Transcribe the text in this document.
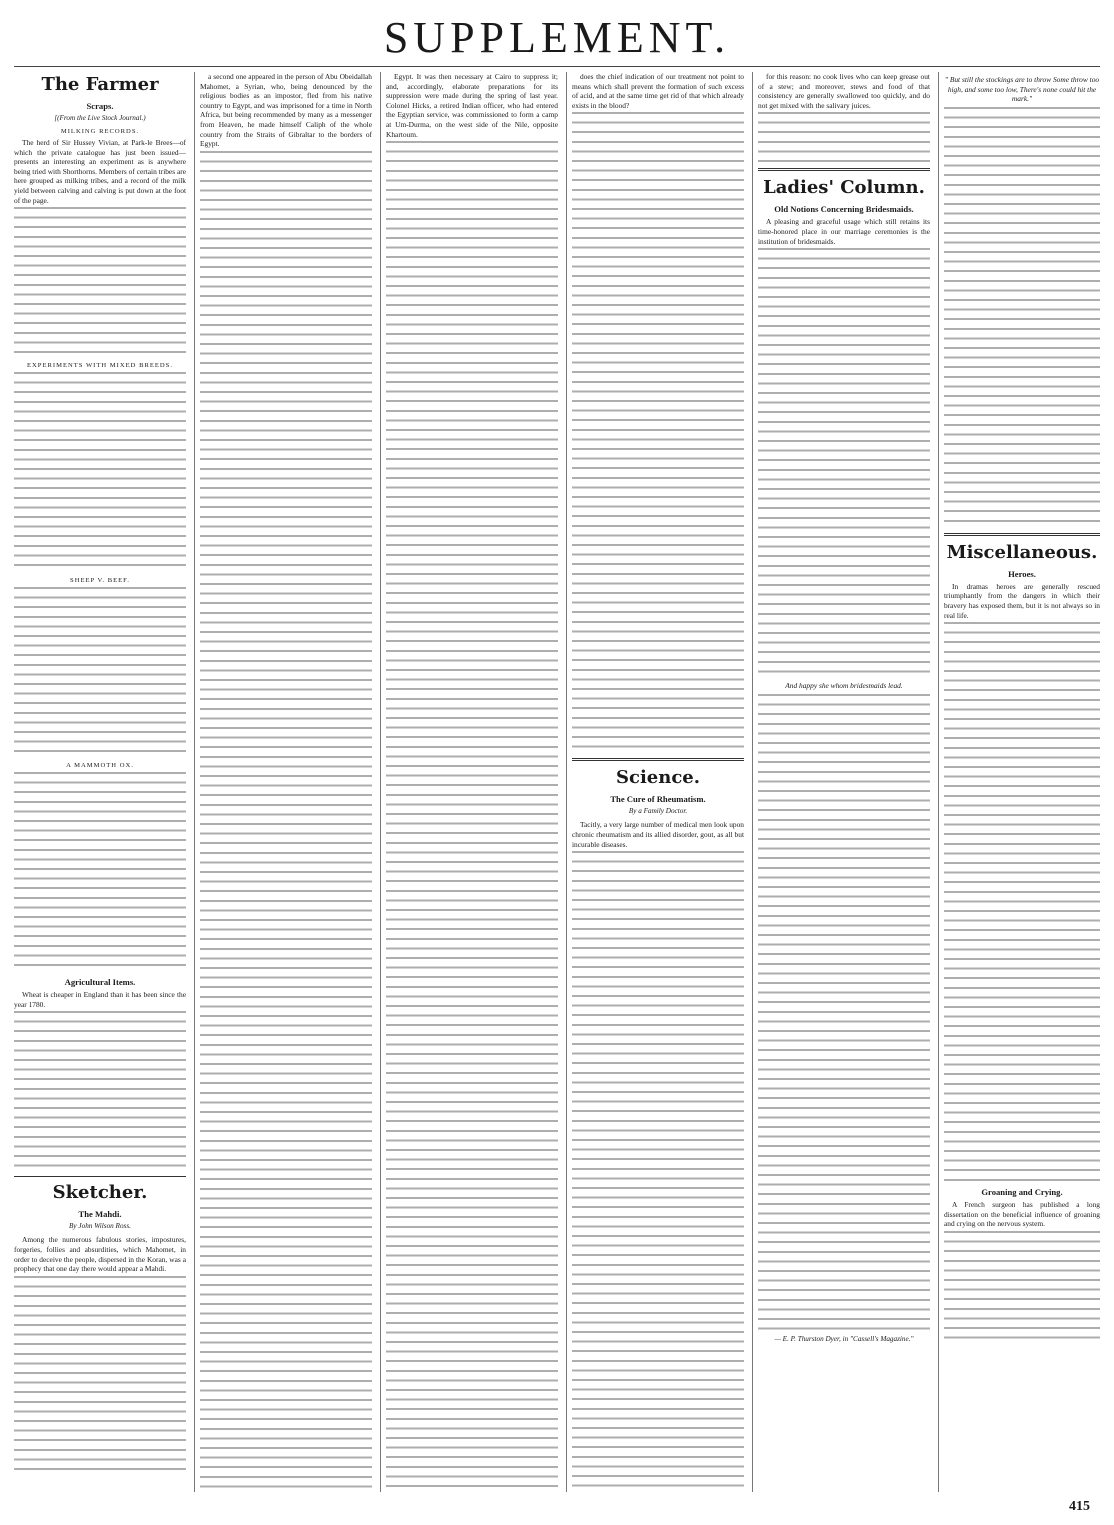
SUPPLEMENT.
The Farmer
Scraps.
[(From the Live Stock Journal.)
MILKING RECORDS.
The herd of Sir Hussey Vivian, at Park-le Brees—of which the private catalogue has just been issued—presents an interesting an experiment as is anywhere being tried with Shorthorns. Members of certain tribes are here grouped as milking tribes, and a record of the milk yield between calving and calving is put down at the foot of the page.
EXPERIMENTS WITH MIXED BREEDS.
SHEEP V. BEEF.
A MAMMOTH OX.
Agricultural Items.
Wheat is cheaper in England than it has been since the year 1780.
Sketcher.
The Mahdi.
By John Wilson Ross.
Among the numerous fabulous stories, impostures, forgeries, follies and absurdities, which Mahomet, in order to deceive the people, dispersed in the Koran, was a prophecy that one day there would appear a Mahdi.
a second one appeared in the person of Abu Obeidallah Mahomet, a Syrian, who, being denounced by the religious bodies as an impostor, fled from his native country to Egypt, and was imprisoned for a time in North Africa, but being recommended by many as a messenger from Heaven, he made himself Caliph of the whole country from the Straits of Gibraltar to the borders of Egypt.
Egypt. It was then necessary at Cairo to suppress it; and, accordingly, elaborate preparations for its suppression were made during the spring of last year. Colonel Hicks, a retired Indian officer, who had entered the Egyptian service, was commissioned to form a camp at Um-Durma, on the west side of the Nile, opposite Khartoum.
does the chief indication of our treatment not point to means which shall prevent the formation of such excess of acid, and at the same time get rid of that which already exists in the blood?
Science.
The Cure of Rheumatism.
By a Family Doctor.
Tacitly, a very large number of medical men look upon chronic rheumatism and its allied disorder, gout, as all but incurable diseases.
for this reason: no cook lives who can keep grease out of a stew; and moreover, stews and food of that consistency are generally swallowed too quickly, and do not get mixed with the salivary juices.
Ladies' Column.
Old Notions Concerning Bridesmaids.
A pleasing and graceful usage which still retains its time-honored place in our marriage ceremonies is the institution of bridesmaids.
And happy she whom bridesmaids lead.
— E. P. Thurston Dyer, in "Cassell's Magazine."
" But still the stockings are to throw Some throw too high, and some too low, There's none could hit the mark."
Miscellaneous.
Heroes.
In dramas heroes are generally rescued triumphantly from the dangers in which their bravery has exposed them, but it is not always so in real life.
Groaning and Crying.
A French surgeon has published a long dissertation on the beneficial influence of groaning and crying on the nervous system.
415
